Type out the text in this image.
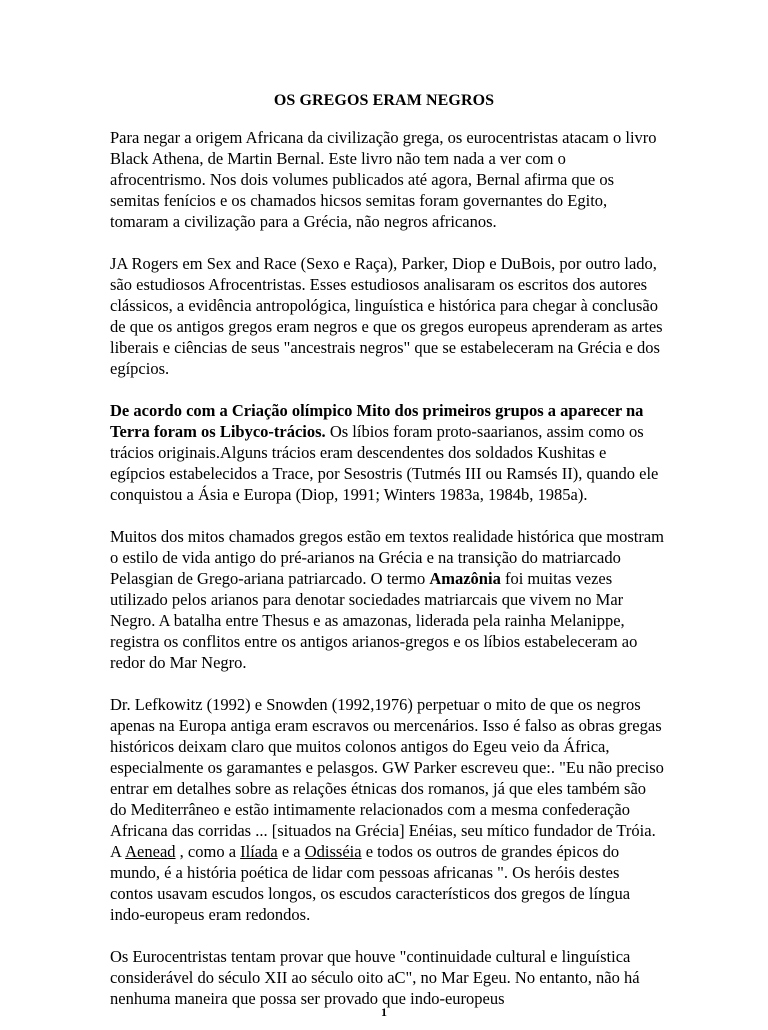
OS GREGOS ERAM NEGROS

Para negar a origem Africana da civilização grega, os eurocentristas atacam o livro Black Athena, de Martin Bernal. Este livro não tem nada a ver com o afrocentrismo. Nos dois volumes publicados até agora, Bernal afirma que os semitas fenícios e os chamados hicsos semitas foram governantes do Egito, tomaram a civilização para a Grécia, não negros africanos.

JA Rogers em Sex and Race (Sexo e Raça), Parker, Diop e DuBois, por outro lado, são estudiosos Afrocentristas. Esses estudiosos analisaram os escritos dos autores clássicos, a evidência antropológica, linguística e histórica para chegar à conclusão de que os antigos gregos eram negros e que os gregos europeus aprenderam as artes liberais e ciências de seus "ancestrais negros" que se estabeleceram na Grécia e dos egípcios.

De acordo com a Criação olímpico Mito dos primeiros grupos a aparecer na Terra foram os Libyco-trácios. Os líbios foram proto-saarianos, assim como os trácios originais.Alguns trácios eram descendentes dos soldados Kushitas e egípcios estabelecidos a Trace, por Sesostris (Tutmés III ou Ramsés II), quando ele conquistou a Ásia e Europa (Diop, 1991; Winters 1983a, 1984b, 1985a).

Muitos dos mitos chamados gregos estão em textos realidade histórica que mostram o estilo de vida antigo do pré-arianos na Grécia e na transição do matriarcado Pelasgian de Grego-ariana patriarcado. O termo Amazônia foi muitas vezes utilizado pelos arianos para denotar sociedades matriarcais que vivem no Mar Negro. A batalha entre Thesus e as amazonas, liderada pela rainha Melanippe, registra os conflitos entre os antigos arianos-gregos e os líbios estabeleceram ao redor do Mar Negro.

Dr. Lefkowitz (1992) e Snowden (1992,1976) perpetuar o mito de que os negros apenas na Europa antiga eram escravos ou mercenários. Isso é falso as obras gregas históricos deixam claro que muitos colonos antigos do Egeu veio da África, especialmente os garamantes e pelasgos. GW Parker escreveu que:. "Eu não preciso entrar em detalhes sobre as relações étnicas dos romanos, já que eles também são do Mediterrâneo e estão intimamente relacionados com a mesma confederação Africana das corridas ... [situados na Grécia] Enéias, seu mítico fundador de Tróia. A Aenead , como a Ilíada e a Odisséia e todos os outros de grandes épicos do mundo, é a história poética de lidar com pessoas africanas ". Os heróis destes contos usavam escudos longos, os escudos característicos dos gregos de língua indo-europeus eram redondos.

Os Eurocentristas tentam provar que houve "continuidade cultural e linguística considerável do século XII ao século oito aC", no Mar Egeu. No entanto, não há nenhuma maneira que possa ser provado que indo-europeus

1
